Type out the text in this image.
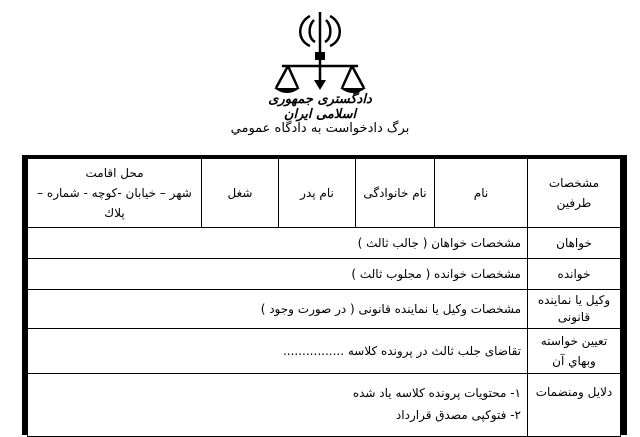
دادگستری جمهوری اسلامی ایران
برگ دادخواست به دادگاه عمومي
مشخصات طرفين	نام	نام خانوادگی	نام پدر	شغل	محل اقامت
شهر – خيابان -کوچه - شماره – پلاك

خواهان	مشخصات خواهان ( جالب ثالث )				
خوانده	مشخصات خوانده ( مجلوب ثالث )				
وکيل يا نماينده قانونی	مشخصات وکيل يا نماينده قانونی ( در صورت وجود )				
تعيين خواسته وبهاي آن	تقاضای جلب ثالث در پرونده کلاسه ................				
دلايل ومنضمات	۱- محتويات پرونده کلاسه ياد شده
۲- فتوکپی مصدق قرارداد				
